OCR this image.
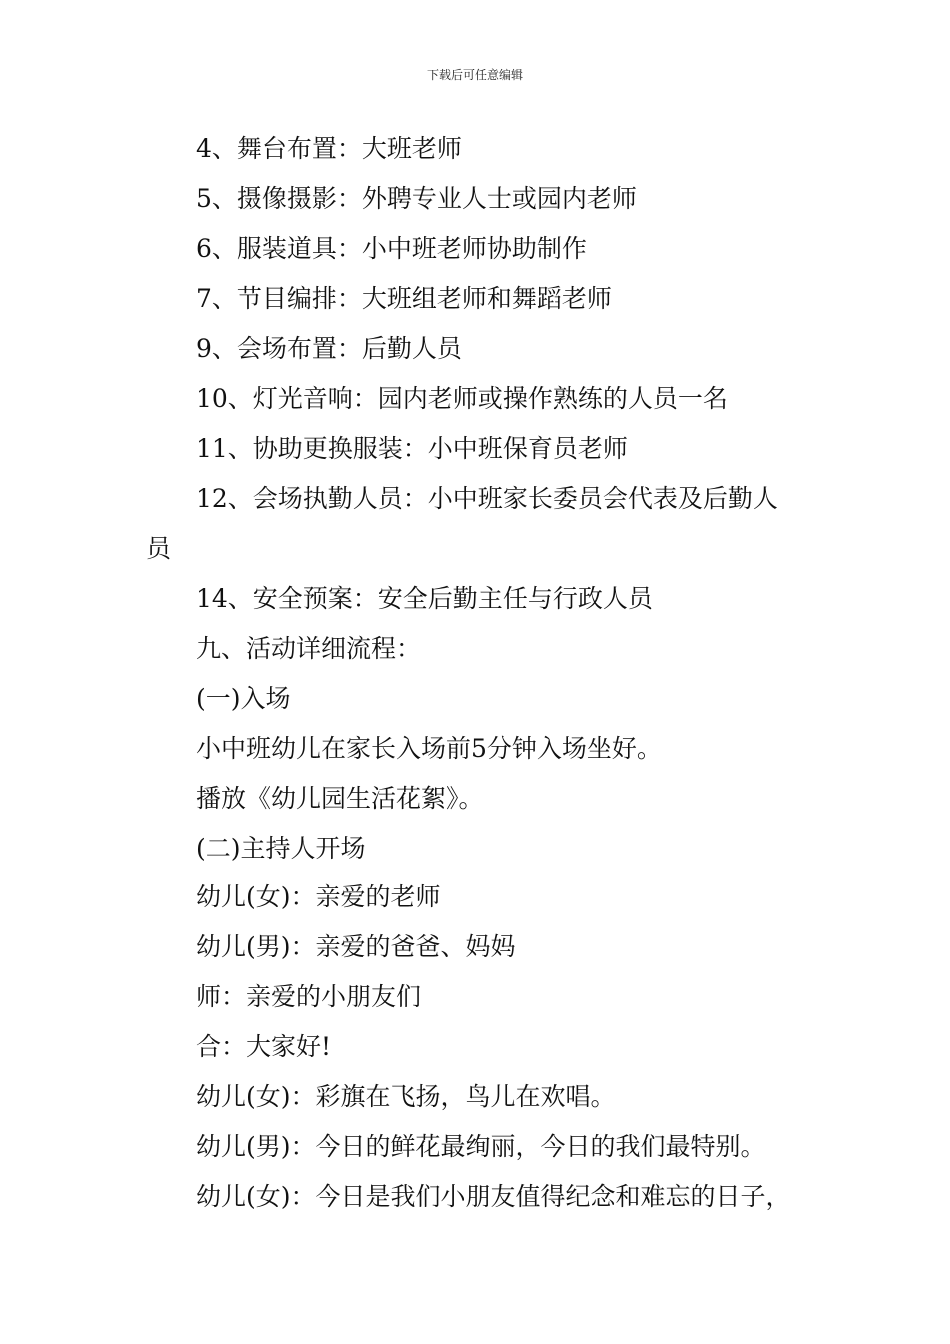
下载后可任意编辑
4、舞台布置：大班老师
5、摄像摄影：外聘专业人士或园内老师
6、服装道具：小中班老师协助制作
7、节目编排：大班组老师和舞蹈老师
9、会场布置：后勤人员
10、灯光音响：园内老师或操作熟练的人员一名
11、协助更换服装：小中班保育员老师
12、会场执勤人员：小中班家长委员会代表及后勤人
员
14、安全预案：安全后勤主任与行政人员
九、活动详细流程：
(一)入场
小中班幼儿在家长入场前5分钟入场坐好。
播放《幼儿园生活花絮》。
(二)主持人开场
幼儿(女)：亲爱的老师
幼儿(男)：亲爱的爸爸、妈妈
师：亲爱的小朋友们
合：大家好!
幼儿(女)：彩旗在飞扬，鸟儿在欢唱。
幼儿(男)：今日的鲜花最绚丽，今日的我们最特别。
幼儿(女)：今日是我们小朋友值得纪念和难忘的日子，
